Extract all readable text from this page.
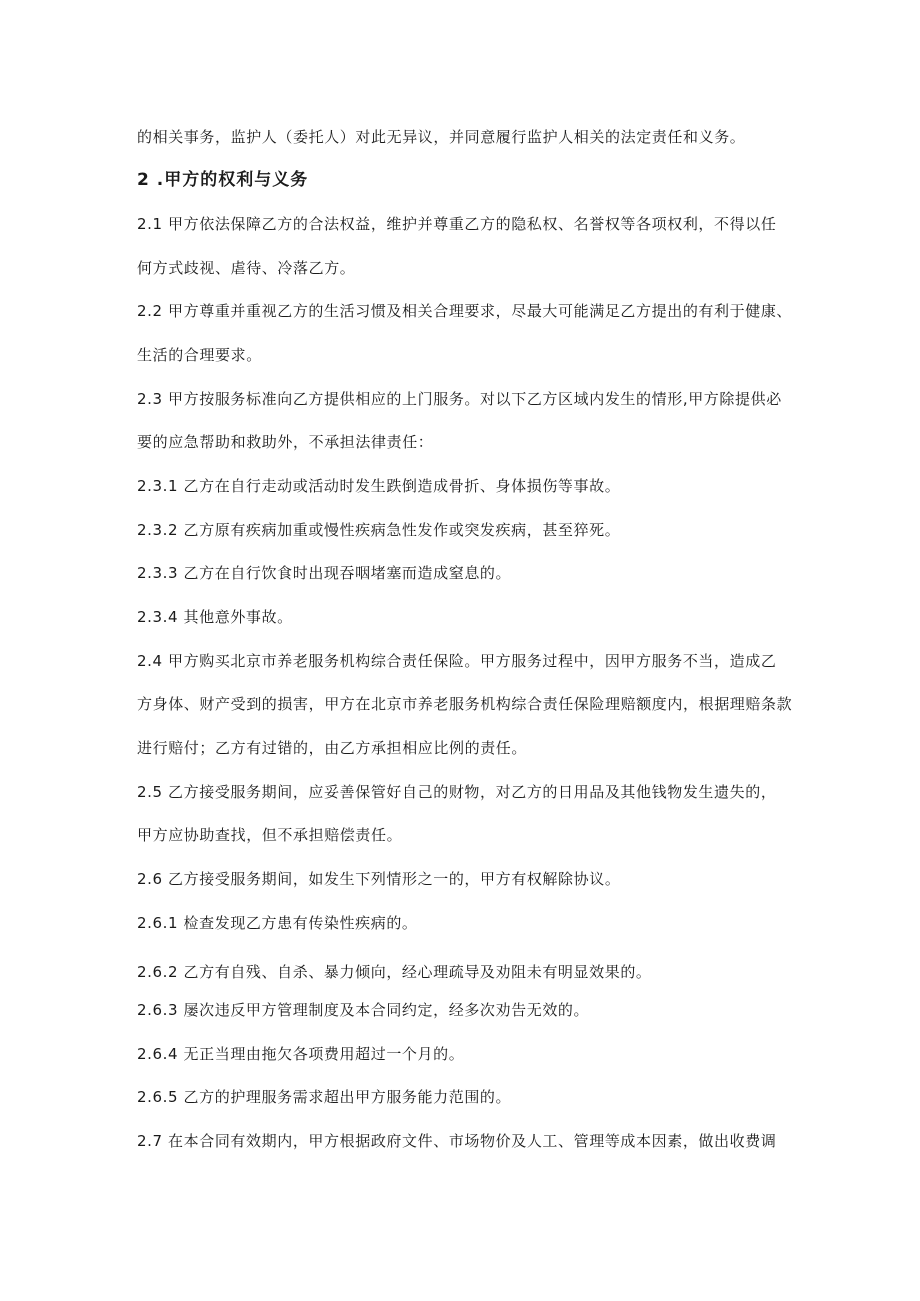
的相关事务，监护人（委托人）对此无异议，并同意履行监护人相关的法定责任和义务。
2 .甲方的权利与义务
2.1 甲方依法保障乙方的合法权益，维护并尊重乙方的隐私权、名誉权等各项权利，不得以任
何方式歧视、虐待、冷落乙方。
2.2 甲方尊重并重视乙方的生活习惯及相关合理要求，尽最大可能满足乙方提出的有利于健康、
生活的合理要求。
2.3 甲方按服务标准向乙方提供相应的上门服务。对以下乙方区域内发生的情形,甲方除提供必
要的应急帮助和救助外，不承担法律责任：
2.3.1 乙方在自行走动或活动时发生跌倒造成骨折、身体损伤等事故。
2.3.2 乙方原有疾病加重或慢性疾病急性发作或突发疾病，甚至猝死。
2.3.3 乙方在自行饮食时出现吞咽堵塞而造成窒息的。
2.3.4 其他意外事故。
2.4 甲方购买北京市养老服务机构综合责任保险。甲方服务过程中，因甲方服务不当，造成乙
方身体、财产受到的损害，甲方在北京市养老服务机构综合责任保险理赔额度内，根据理赔条款
进行赔付；乙方有过错的，由乙方承担相应比例的责任。
2.5 乙方接受服务期间，应妥善保管好自己的财物，对乙方的日用品及其他钱物发生遗失的，
甲方应协助查找，但不承担赔偿责任。
2.6 乙方接受服务期间，如发生下列情形之一的，甲方有权解除协议。
2.6.1 检查发现乙方患有传染性疾病的。
2.6.2 乙方有自残、自杀、暴力倾向，经心理疏导及劝阻未有明显效果的。
2.6.3 屡次违反甲方管理制度及本合同约定，经多次劝告无效的。
2.6.4 无正当理由拖欠各项费用超过一个月的。
2.6.5 乙方的护理服务需求超出甲方服务能力范围的。
2.7 在本合同有效期内，甲方根据政府文件、市场物价及人工、管理等成本因素，做出收费调
